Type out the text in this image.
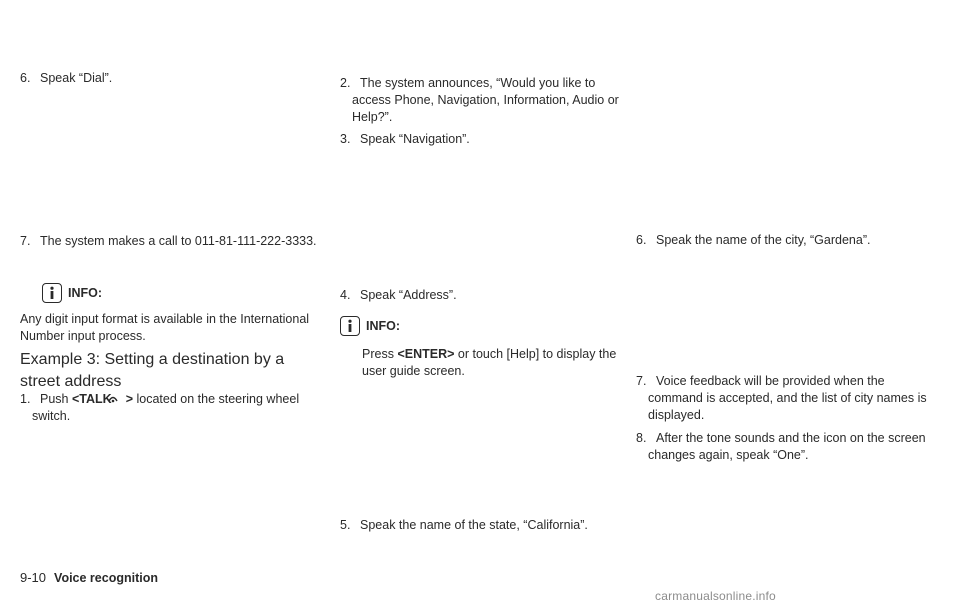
6. Speak “Dial”.
7. The system makes a call to 011-81-111-222-3333.
INFO:
Any digit input format is available in the International Number input process.
Example 3: Setting a destination by a street address
1. Push <TALK > located on the steering wheel switch.
2. The system announces, “Would you like to access Phone, Navigation, Information, Audio or Help?”.
3. Speak “Navigation”.
4. Speak “Address”.
INFO:
Press <ENTER> or touch [Help] to display the user guide screen.
5. Speak the name of the state, “California”.
6. Speak the name of the city, “Gardena”.
7. Voice feedback will be provided when the command is accepted, and the list of city names is displayed.
8. After the tone sounds and the icon on the screen changes again, speak “One”.
9-10 Voice recognition
carmanualsonline.info
